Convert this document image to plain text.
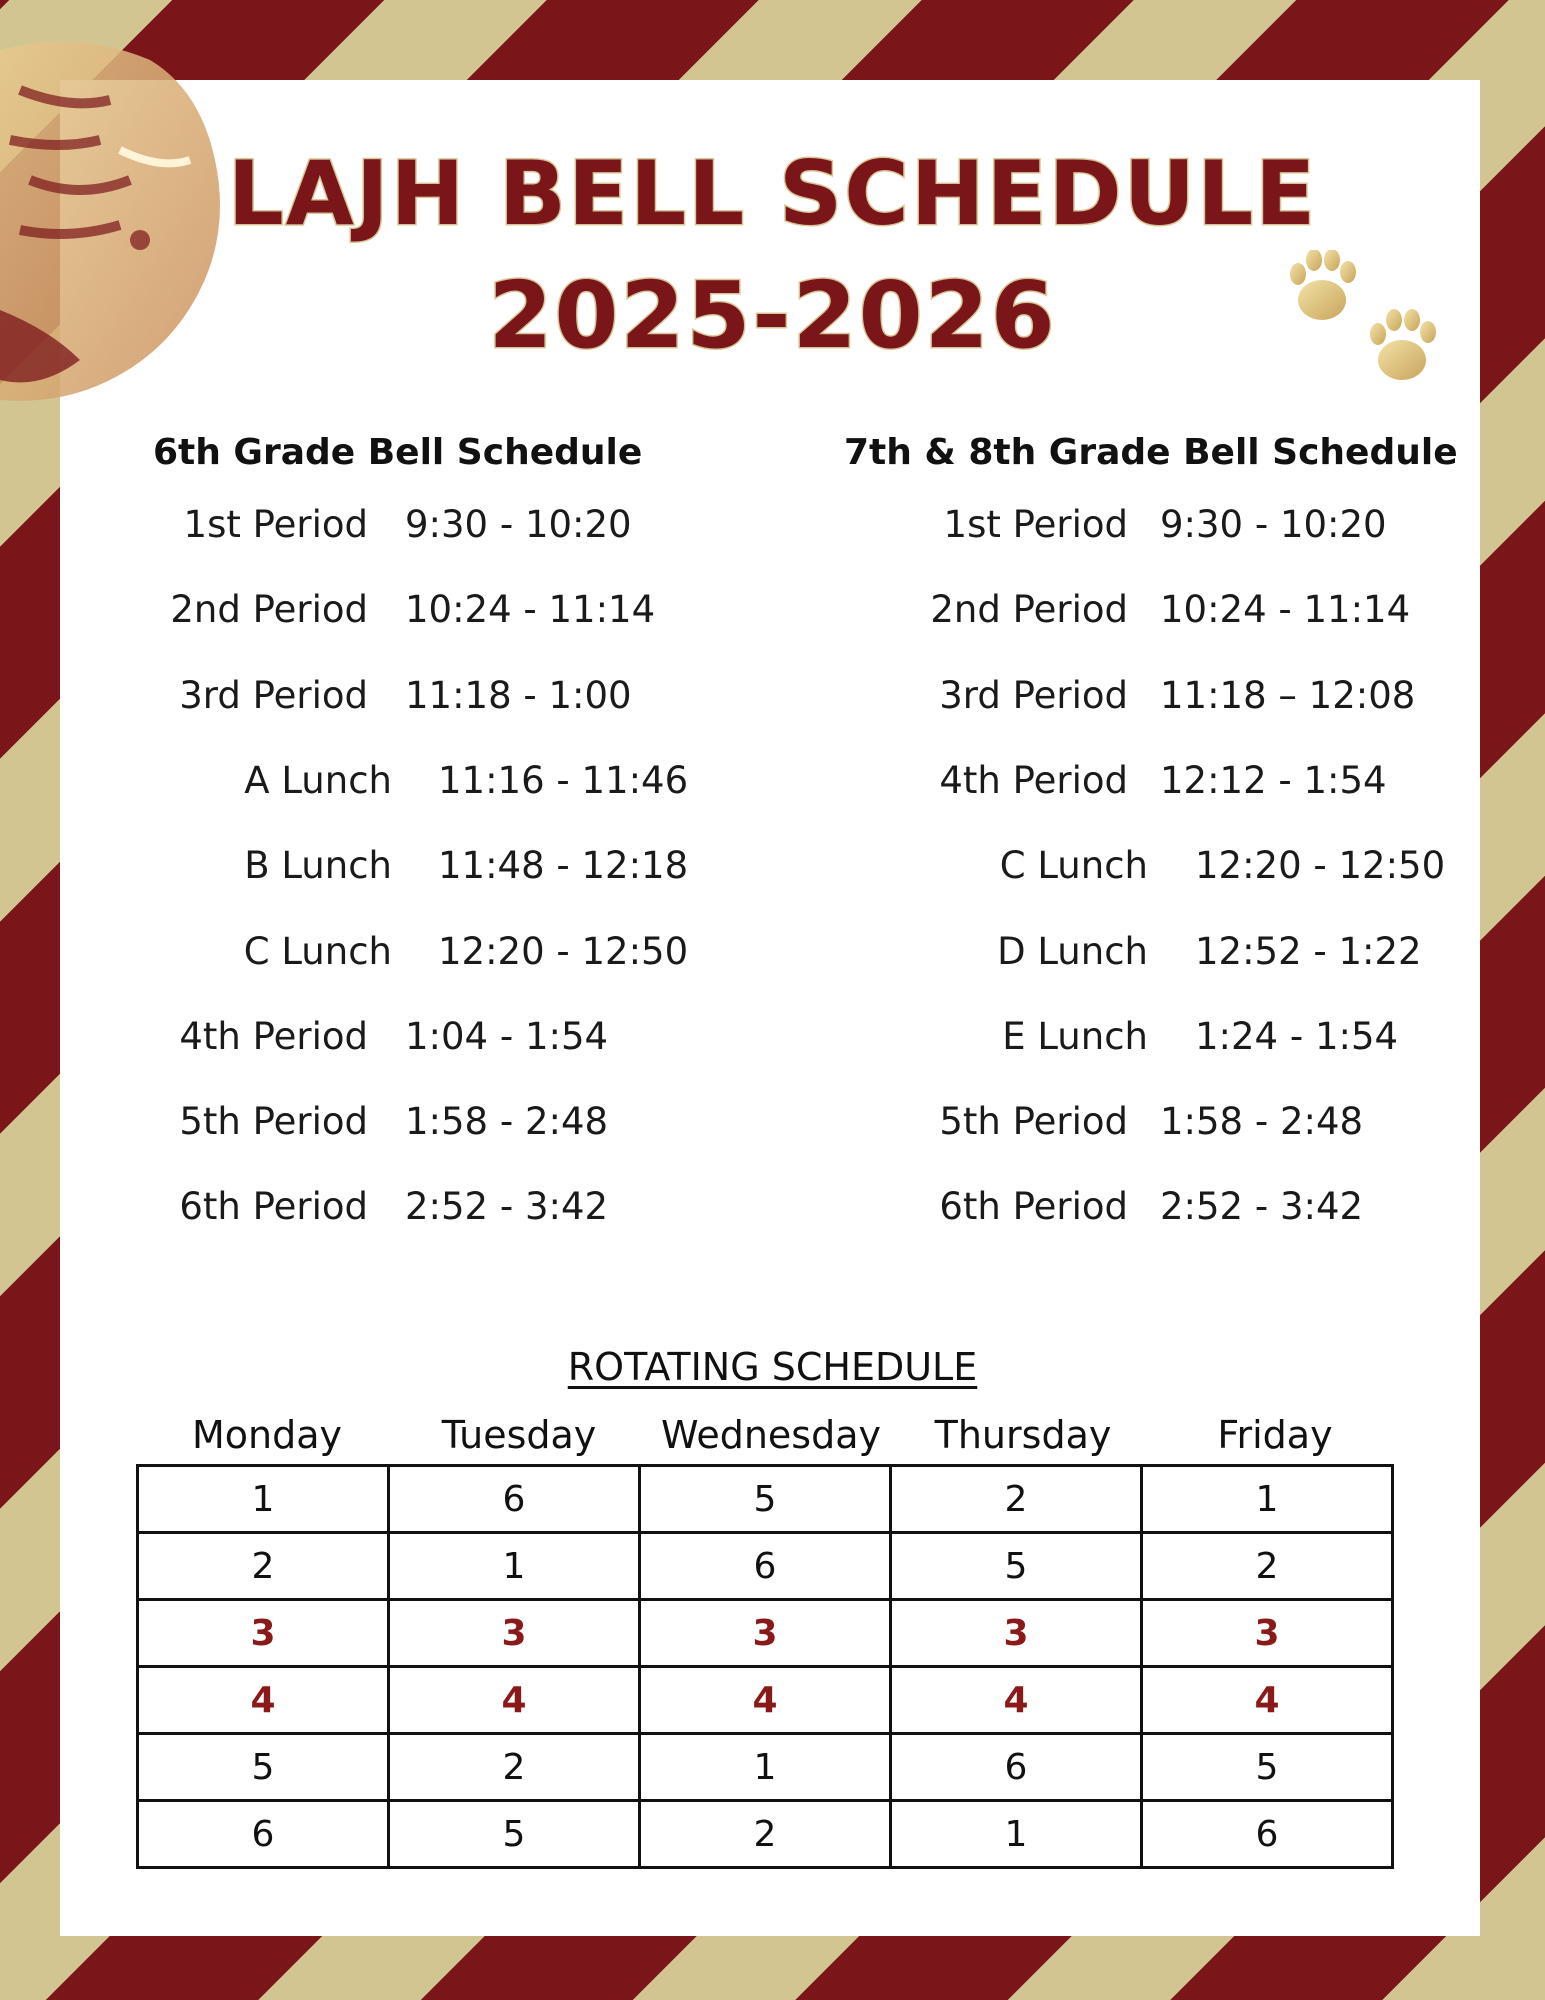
LAJH BELL SCHEDULE
2025-2026
6th Grade Bell Schedule
1st Period 9:30 - 10:20
2nd Period 10:24 - 11:14
3rd Period 11:18 - 1:00
A Lunch 11:16 - 11:46
B Lunch 11:48 - 12:18
C Lunch 12:20 - 12:50
4th Period 1:04 - 1:54
5th Period 1:58 - 2:48
6th Period 2:52 - 3:42
7th & 8th Grade Bell Schedule
1st Period 9:30 - 10:20
2nd Period 10:24 - 11:14
3rd Period 11:18 – 12:08
4th Period 12:12 - 1:54
C Lunch 12:20 - 12:50
D Lunch 12:52 - 1:22
E Lunch 1:24 - 1:54
5th Period 1:58 - 2:48
6th Period 2:52 - 3:42
ROTATING SCHEDULE
Monday	Tuesday	Wednesday	Thursday	Friday
1	6	5	2	1
2	1	6	5	2
3	3	3	3	3
4	4	4	4	4
5	2	1	6	5
6	5	2	1	6
